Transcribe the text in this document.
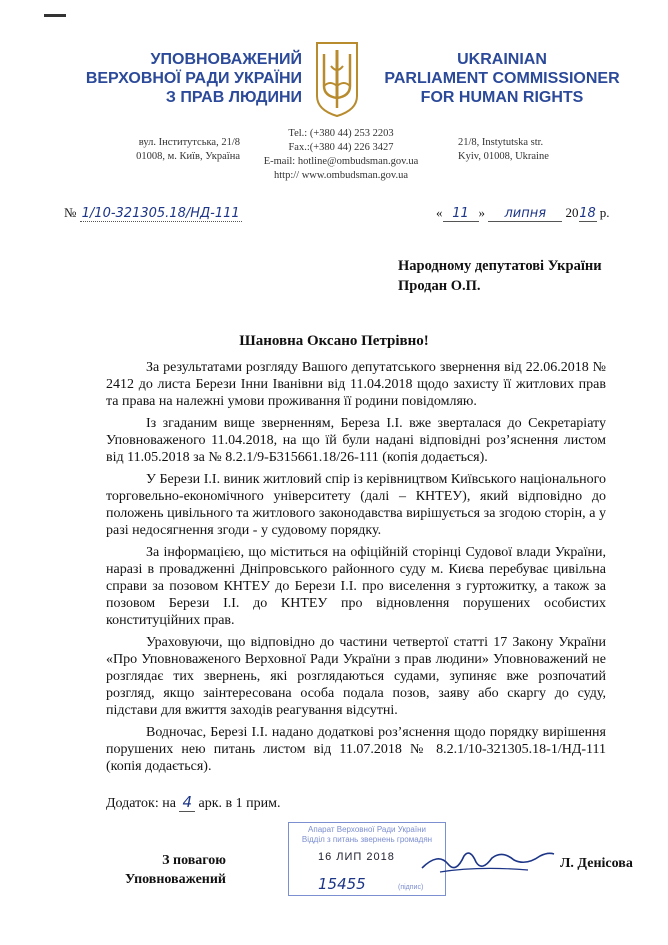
УПОВНОВАЖЕНИЙ
ВЕРХОВНОЇ РАДИ УКРАЇНИ
З ПРАВ ЛЮДИНИ
UKRAINIAN
PARLIAMENT COMMISSIONER
FOR HUMAN RIGHTS
вул. Інститутська, 21/8
01008, м. Київ, Україна
Tel.: (+380 44) 253 2203
Fax.:(+380 44) 226 3427
E-mail: hotline@ombudsman.gov.ua
http:// www.ombudsman.gov.ua
21/8, Instytutska str.
Kyiv, 01008, Ukraine
№ 1/10-321305.18/НД-111	« 11 » липня 2018 р.
Народному депутатові України
Продан О.П.
Шановна Оксано Петрівно!

За результатами розгляду Вашого депутатського звернення від 22.06.2018 № 2412 до листа Берези Інни Іванівни від 11.04.2018 щодо захисту її житлових прав та права на належні умови проживання її родини повідомляю.

Із згаданим вище зверненням, Береза І.І. вже зверталася до Секретаріату Уповноваженого 11.04.2018, на що їй були надані відповідні роз’яснення листом від 11.05.2018 за № 8.2.1/9-Б315661.18/26-111 (копія додається).

У Берези І.І. виник житловий спір із керівництвом Київського національного торговельно-економічного університету (далі – КНТЕУ), який відповідно до положень цивільного та житлового законодавства вирішується за згодою сторін, а у разі недосягнення згоди - у судовому порядку.

За інформацією, що міститься на офіційній сторінці Судової влади України, наразі в провадженні Дніпровського районного суду м. Києва перебуває цивільна справи за позовом КНТЕУ до Берези І.І. про виселення з гуртожитку, а також за позовом Берези І.І. до КНТЕУ про відновлення порушених особистих конституційних прав.

Ураховуючи, що відповідно до частини четвертої статті 17 Закону України «Про Уповноваженого Верховної Ради України з прав людини» Уповноважений не розглядає тих звернень, які розглядаються судами, зупиняє вже розпочатий розгляд, якщо заінтересована особа подала позов, заяву або скаргу до суду, підстави для вжиття заходів реагування відсутні.

Водночас, Березі І.І. надано додаткові роз’яснення щодо порядку вирішення порушених нею питань листом від 11.07.2018 № 8.2.1/10-321305.18-1/НД-111 (копія додається).

Додаток: на 4 арк. в 1 прим.
Апарат Верховної Ради України
Відділ з питань звернень громадян
16 ЛИП 2018
15455	(підпис)
З повагою
Уповноважений
Л. Денісова
